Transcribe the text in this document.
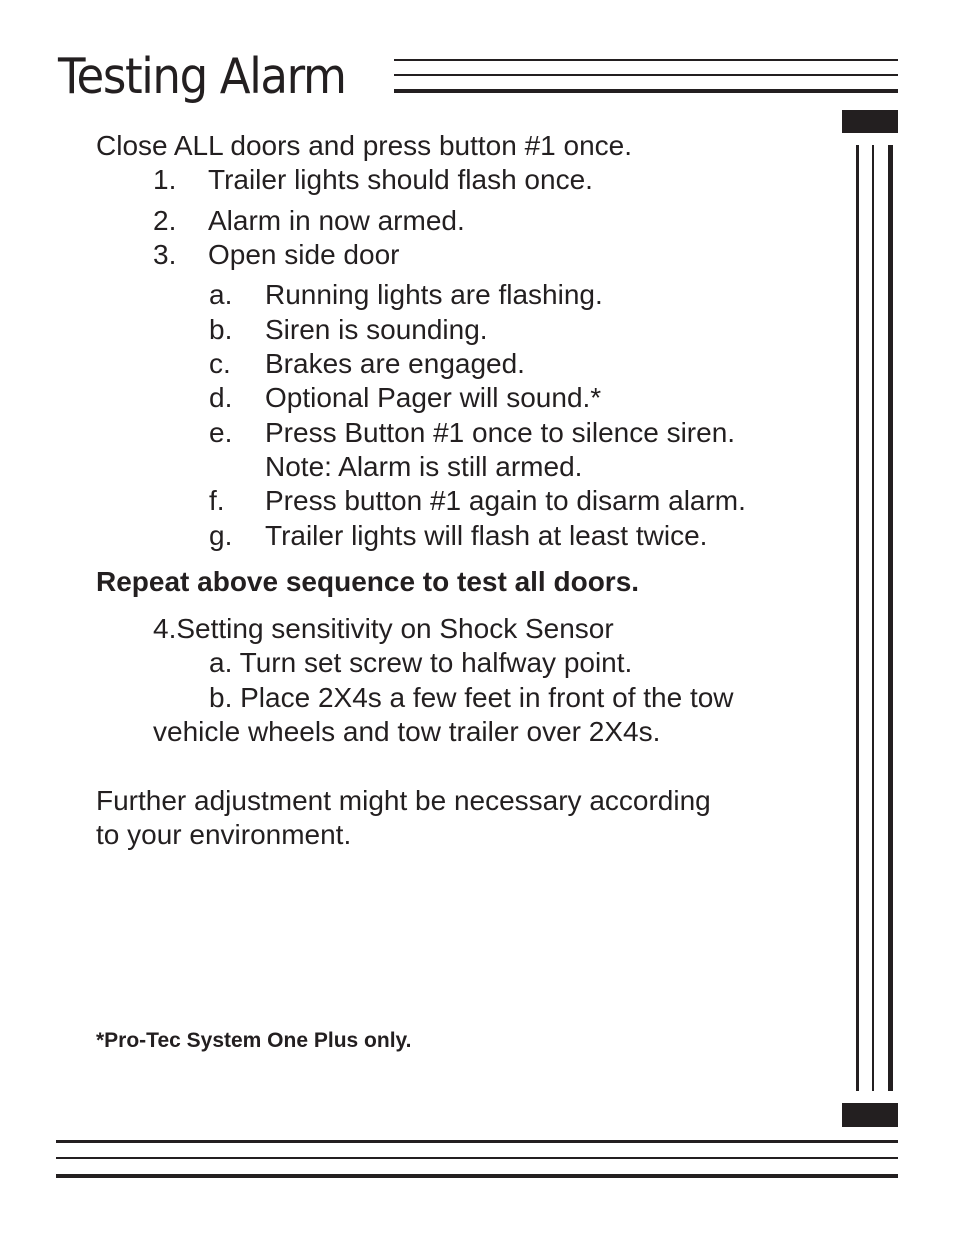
Testing Alarm

Close ALL doors and press button #1 once.

1. Trailer lights should flash once.
2. Alarm in now armed.
3. Open side door
a. Running lights are flashing.
b. Siren is sounding.
c. Brakes are engaged.
d. Optional Pager will sound.*
e. Press Button #1 once to silence siren.
Note: Alarm is still armed.
f. Press button #1 again to disarm alarm.
g. Trailer lights will flash at least twice.

Repeat above sequence to test all doors.

4.Setting sensitivity on Shock Sensor

a. Turn set screw to halfway point.

b. Place 2X4s a few feet in front of the tow

vehicle wheels and tow trailer over 2X4s.

Further adjustment might be necessary according

to your environment.

*Pro-Tec System One Plus only.
